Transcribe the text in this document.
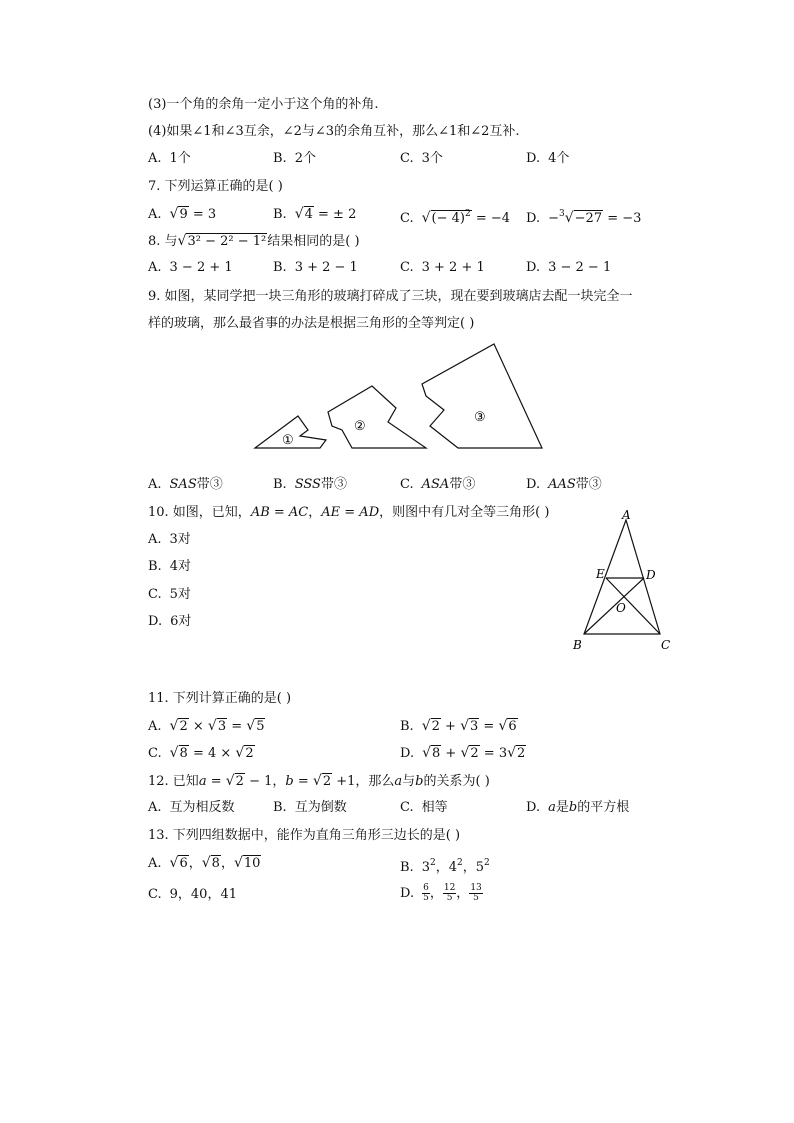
(3)一个角的余角一定小于这个角的补角.
(4)如果∠1和∠3互余，∠2与∠3的余角互补，那么∠1和∠2互补.
A. 1个	B. 2个	C. 3个	D. 4个
7. 下列运算正确的是( )
A. √9 = 3	B. √4 = ± 2	C. √(− 4)$^2$ = −4 D. −$^3$√−27 = −3
8. 与√3² − 2² − 1²结果相同的是( )
A. 3 − 2 + 1	B. 3 + 2 − 1	C. 3 + 2 + 1	D. 3 − 2 − 1
9. 如图，某同学把一块三角形的玻璃打碎成了三块，现在要到玻璃店去配一块完全一
样的玻璃，那么最省事的办法是根据三角形的全等判定( )
①
②
③
A. SAS带③	B. SSS带③	C. ASA带③	D. AAS带③
10. 如图，已知，AB = AC，AE = AD，则图中有几对全等三角形( )
A. 3对
B. 4对
C. 5对
D. 6对
A
E	D
O
B	C
11. 下列计算正确的是( )
A. √2 × √3 = √5	B. √2 + √3 = √6
C. √8 = 4 × √2	D. √8 + √2 = 3√2
12. 已知a = √2 − 1，b = √2 +1，那么a与b的关系为( )
A. 互为相反数	B. 互为倒数	C. 相等	D. a是b的平方根
13. 下列四组数据中，能作为直角三角形三边长的是( )
A. √6，√8，√10	B. $3^2$，$4^2$，$5^2$
C. 9，40，41	D. $\frac{6}{5}$ ， $\frac{12}{5}$ ， $\frac{13}{5}$
